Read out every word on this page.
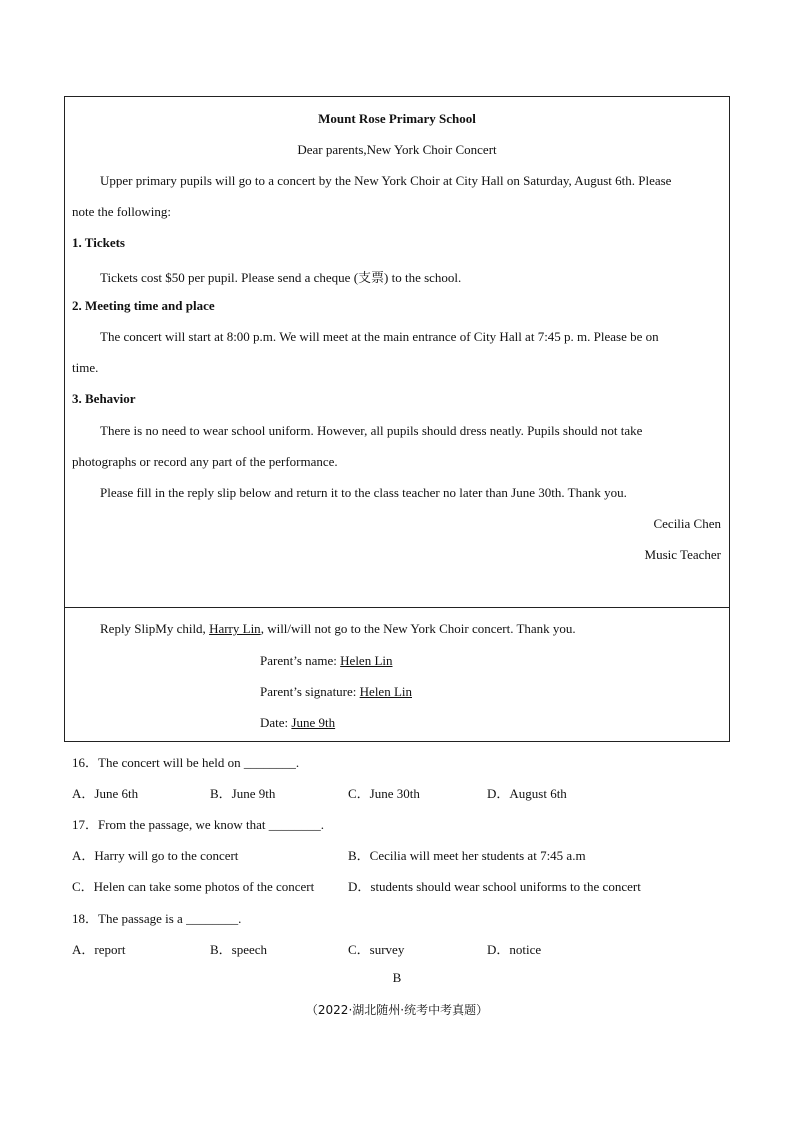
Mount Rose Primary School
Dear parents,New York Choir Concert
Upper primary pupils will go to a concert by the New York Choir at City Hall on Saturday, August 6th. Please
note the following:
1. Tickets
Tickets cost $50 per pupil. Please send a cheque (支票) to the school.
2. Meeting time and place
The concert will start at 8:00 p.m. We will meet at the main entrance of City Hall at 7:45 p. m. Please be on
time.
3. Behavior
There is no need to wear school uniform. However, all pupils should dress neatly. Pupils should not take
photographs or record any part of the performance.
Please fill in the reply slip below and return it to the class teacher no later than June 30th. Thank you.
Cecilia Chen
Music Teacher
Reply SlipMy child, Harry Lin, will/will not go to the New York Choir concert. Thank you.
Parent’s name: Helen Lin
Parent’s signature: Helen Lin
Date: June 9th
16．The concert will be held on ________.
A．June 6th	B．June 9th	C．June 30th	D．August 6th
17．From the passage, we know that ________.
A．Harry will go to the concert	B．Cecilia will meet her students at 7:45 a.m
C．Helen can take some photos of the concert	D．students should wear school uniforms to the concert
18．The passage is a ________.
A．report	B．speech	C．survey	D．notice
B
（2022·湖北随州·统考中考真题）
